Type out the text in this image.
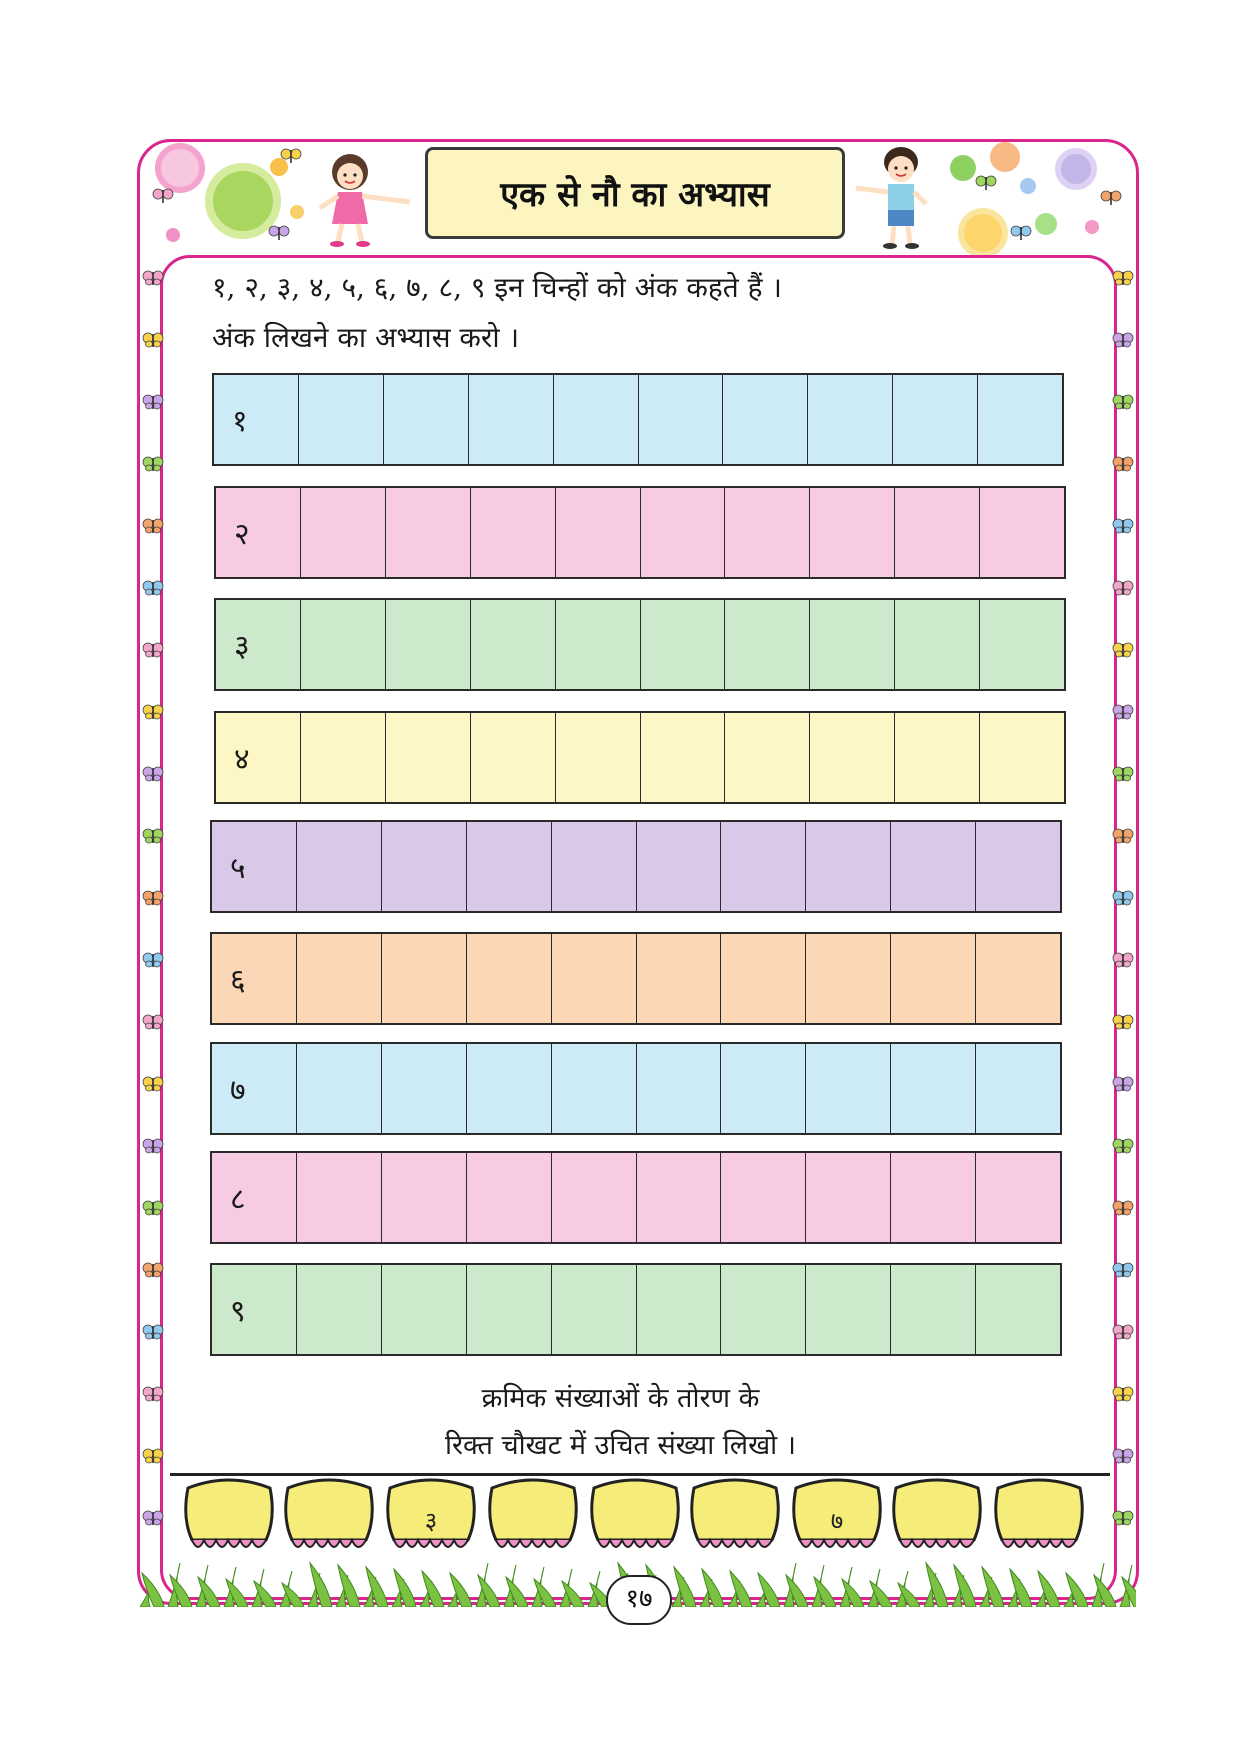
एक से नौ का अभ्यास
१, २, ३, ४, ५, ६, ७, ८, ९ इन चिन्हों को अंक कहते हैं ।
अंक लिखने का अभ्यास करो ।
१
२
३
४
५
६
७
८
९
क्रमिक संख्याओं के तोरण के
रिक्त चौखट में उचित संख्या लिखो ।
३	७
१७
